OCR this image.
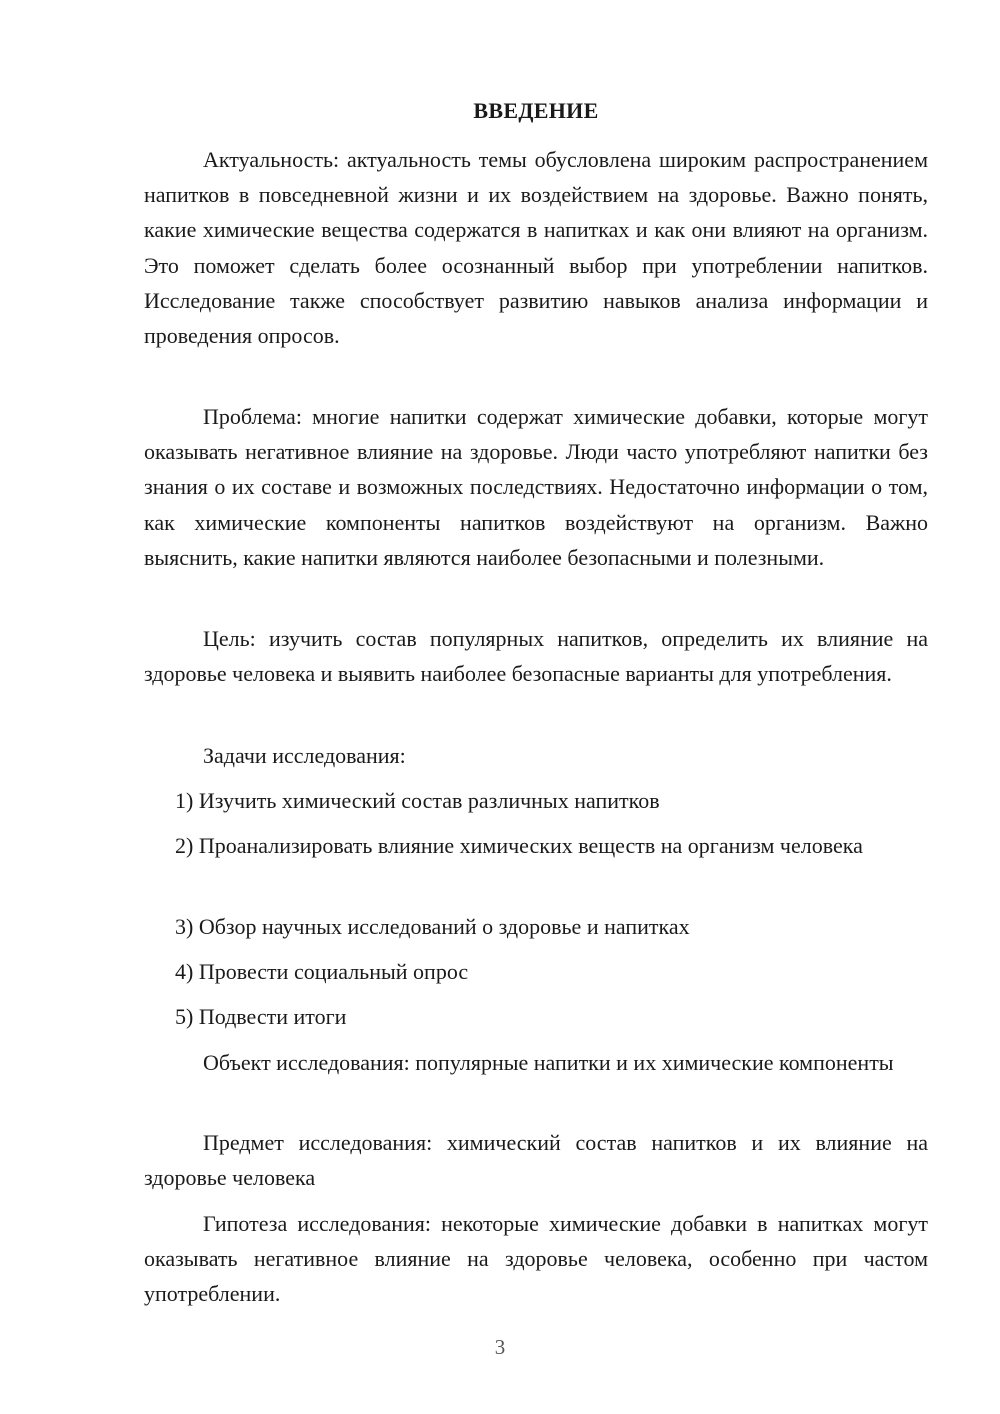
ВВЕДЕНИЕ

Актуальность: актуальность темы обусловлена широким распространением напитков в повседневной жизни и их воздействием на здоровье. Важно понять, какие химические вещества содержатся в напитках и как они влияют на организм. Это поможет сделать более осознанный выбор при употреблении напитков. Исследование также способствует развитию навыков анализа информации и проведения опросов.

Проблема: многие напитки содержат химические добавки, которые могут оказывать негативное влияние на здоровье. Люди часто употребляют напитки без знания о их составе и возможных последствиях. Недостаточно информации о том, как химические компоненты напитков воздействуют на организм. Важно выяснить, какие напитки являются наиболее безопасными и полезными.

Цель: изучить состав популярных напитков, определить их влияние на здоровье человека и выявить наиболее безопасные варианты для употребления.

Задачи исследования:

1) Изучить химический состав различных напитков

2) Проанализировать влияние химических веществ на организм человека

3) Обзор научных исследований о здоровье и напитках

4) Провести социальный опрос

5) Подвести итоги

Объект исследования: популярные напитки и их химические компоненты

Предмет исследования: химический состав напитков и их влияние на здоровье человека

Гипотеза исследования: некоторые химические добавки в напитках могут оказывать негативное влияние на здоровье человека, особенно при частом употреблении.

3
